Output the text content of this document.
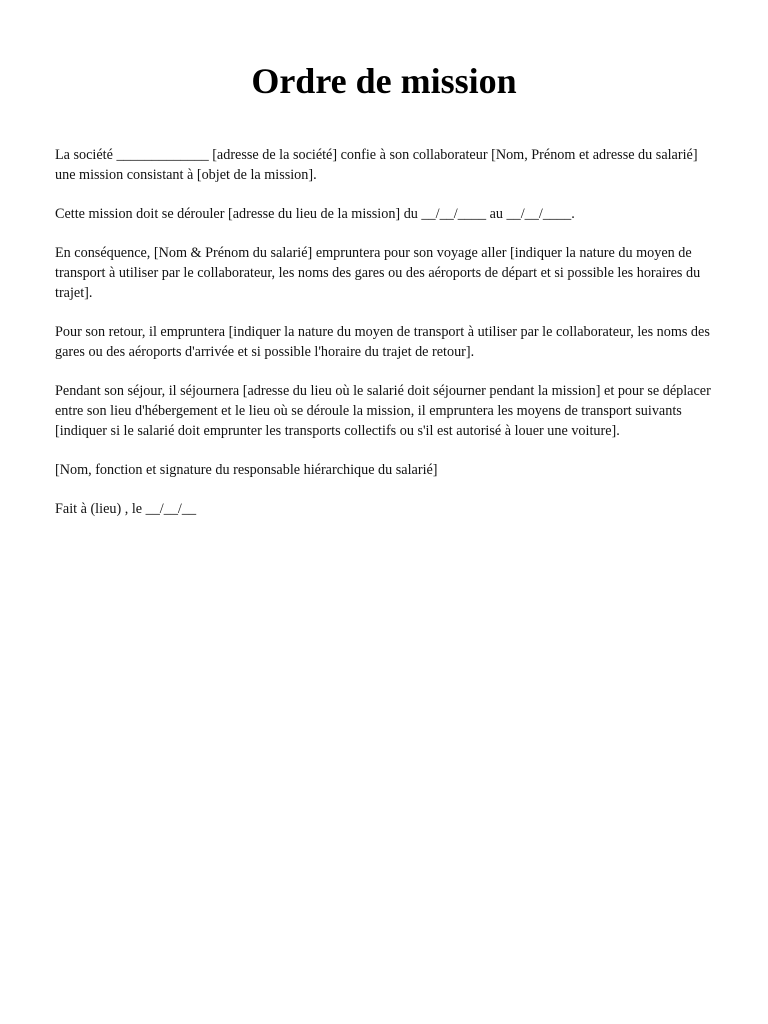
Ordre de mission

La société _____________ [adresse de la société] confie à son collaborateur [Nom, Prénom et adresse du salarié] une mission consistant à [objet de la mission].

Cette mission doit se dérouler [adresse du lieu de la mission] du __/__/____ au __/__/____.

En conséquence, [Nom & Prénom du salarié] empruntera pour son voyage aller [indiquer la nature du moyen de transport à utiliser par le collaborateur, les noms des gares ou des aéroports de départ et si possible les horaires du trajet].

Pour son retour, il empruntera [indiquer la nature du moyen de transport à utiliser par le collaborateur, les noms des gares ou des aéroports d'arrivée et si possible l'horaire du trajet de retour].

Pendant son séjour, il séjournera [adresse du lieu où le salarié doit séjourner pendant la mission] et pour se déplacer entre son lieu d'hébergement et le lieu où se déroule la mission, il empruntera les moyens de transport suivants [indiquer si le salarié doit emprunter les transports collectifs ou s'il est autorisé à louer une voiture].

[Nom, fonction et signature du responsable hiérarchique du salarié]

Fait à (lieu) , le __/__/__
